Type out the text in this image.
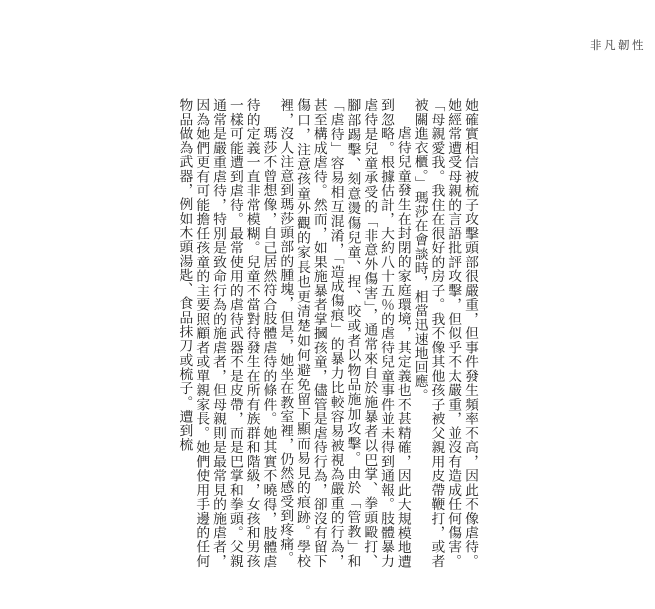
非凡韌性

她確實相信被梳子攻擊頭部很嚴重，但事件發生頻率不高，因此不像虐待。她經常遭受母親的言語批評攻擊，但似乎不太嚴重，並沒有造成任何傷害。「母親愛我。我住在很好的房子。我不像其他孩子被父親用皮帶鞭打，或者被關進衣櫃。」瑪莎在會談時，相當迅速地回應。

虐待兒童發生在封閉的家庭環境，其定義也不甚精確，因此大規模地遭到忽略。根據估計，大約八十五％的虐待兒童事件並未得到通報。肢體暴力虐待是兒童承受的「非意外傷害」，通常來自於施暴者以巴掌、拳頭毆打、腳部踢擊、刻意燙傷兒童、捏、咬或者以物品施加攻擊。由於「管教」和「虐待」容易相互混淆，「造成傷痕」的暴力比較容易被視為嚴重的行為，甚至構成虐待。然而，如果施暴者掌摑孩童，儘管是虐待行為，卻沒有留下傷口，注意孩童外觀的家長也更清楚如何避免留下顯而易見的痕跡。學校裡，沒人注意到瑪莎頭部的腫塊，但是，她坐在教室裡，仍然感受到疼痛。

瑪莎不曾想像，自己居然符合肢體虐待的條件。她其實不曉得，肢體虐待的定義一直非常模糊。兒童不當對待發生在所有族群和階級，女孩和男孩一樣可能遭到虐待。最常使用的虐待武器不是皮帶，而是巴掌和拳頭。父親通常是嚴重虐待，特別是致命行為的施虐者，但母親則是最常見的施虐者，因為她們更有可能擔任孩童的主要照顧者或單親家長。她們使用手邊的任何物品做為武器，例如木頭湯匙、食品抹刀或梳子。遭到梳
